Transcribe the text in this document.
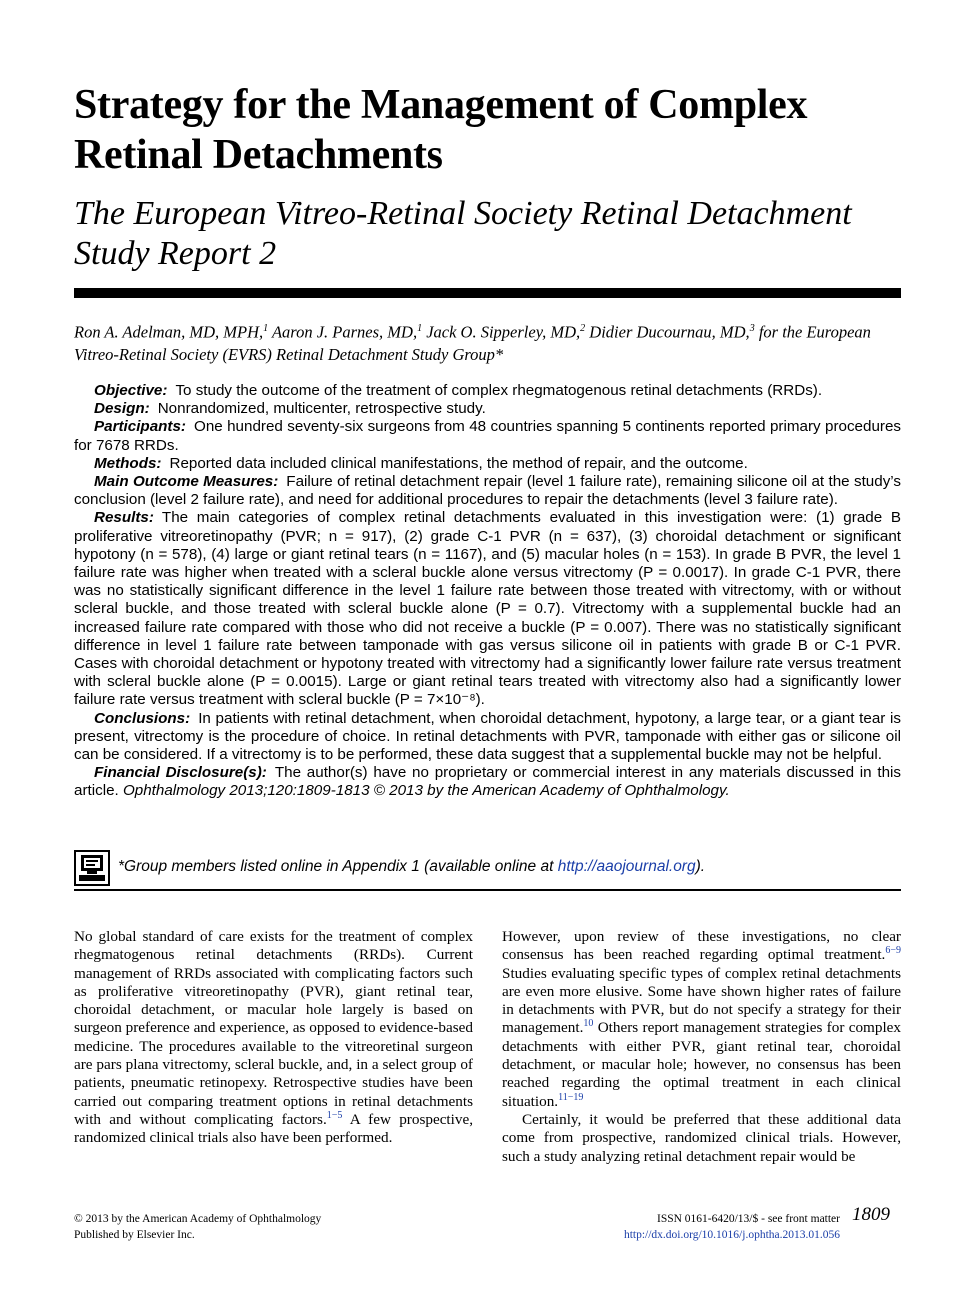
Strategy for the Management of Complex Retinal Detachments
The European Vitreo-Retinal Society Retinal Detachment Study Report 2
Ron A. Adelman, MD, MPH,$^1$ Aaron J. Parnes, MD,$^1$ Jack O. Sipperley, MD,$^2$ Didier Ducournau, MD,$^3$ for the European Vitreo-Retinal Society (EVRS) Retinal Detachment Study Group*

Objective: To study the outcome of the treatment of complex rhegmatogenous retinal detachments (RRDs).

Design: Nonrandomized, multicenter, retrospective study.

Participants: One hundred seventy-six surgeons from 48 countries spanning 5 continents reported primary procedures for 7678 RRDs.

Methods: Reported data included clinical manifestations, the method of repair, and the outcome.

Main Outcome Measures: Failure of retinal detachment repair (level 1 failure rate), remaining silicone oil at the study’s conclusion (level 2 failure rate), and need for additional procedures to repair the detachments (level 3 failure rate).

Results: The main categories of complex retinal detachments evaluated in this investigation were: (1) grade B proliferative vitreoretinopathy (PVR; n = 917), (2) grade C-1 PVR (n = 637), (3) choroidal detachment or significant hypotony (n = 578), (4) large or giant retinal tears (n = 1167), and (5) macular holes (n = 153). In grade B PVR, the level 1 failure rate was higher when treated with a scleral buckle alone versus vitrectomy (P = 0.0017). In grade C-1 PVR, there was no statistically significant difference in the level 1 failure rate between those treated with vitrectomy, with or without scleral buckle, and those treated with scleral buckle alone (P = 0.7). Vitrectomy with a supplemental buckle had an increased failure rate compared with those who did not receive a buckle (P = 0.007). There was no statistically significant difference in level 1 failure rate between tamponade with gas versus silicone oil in patients with grade B or C-1 PVR. Cases with choroidal detachment or hypotony treated with vitrectomy had a significantly lower failure rate versus treatment with scleral buckle alone (P = 0.0015). Large or giant retinal tears treated with vitrectomy also had a significantly lower failure rate versus treatment with scleral buckle (P = 7×10⁻⁸).

Conclusions: In patients with retinal detachment, when choroidal detachment, hypotony, a large tear, or a giant tear is present, vitrectomy is the procedure of choice. In retinal detachments with PVR, tamponade with either gas or silicone oil can be considered. If a vitrectomy is to be performed, these data suggest that a supplemental buckle may not be helpful.

Financial Disclosure(s): The author(s) have no proprietary or commercial interest in any materials discussed in this article. Ophthalmology 2013;120:1809-1813 © 2013 by the American Academy of Ophthalmology.

*Group members listed online in Appendix 1 (available online at http://aaojournal.org).

No global standard of care exists for the treatment of complex rhegmatogenous retinal detachments (RRDs). Current management of RRDs associated with complicating factors such as proliferative vitreoretinopathy (PVR), giant retinal tear, choroidal detachment, or macular hole largely is based on surgeon preference and experience, as opposed to evidence-based medicine. The procedures available to the vitreoretinal surgeon are pars plana vitrectomy, scleral buckle, and, in a select group of patients, pneumatic retinopexy. Retrospective studies have been carried out comparing treatment options in retinal detachments with and without complicating factors.$^{1-5}$ A few prospective, randomized clinical trials also have been performed.

However, upon review of these investigations, no clear consensus has been reached regarding optimal treatment.$^{6-9}$ Studies evaluating specific types of complex retinal detachments are even more elusive. Some have shown higher rates of failure in detachments with PVR, but do not specify a strategy for their management.$^{10}$ Others report management strategies for complex detachments with either PVR, giant retinal tear, choroidal detachment, or macular hole; however, no consensus has been reached regarding the optimal treatment in each clinical situation.$^{11-19}$

Certainly, it would be preferred that these additional data come from prospective, randomized clinical trials. However, such a study analyzing retinal detachment repair would be

© 2013 by the American Academy of Ophthalmology
Published by Elsevier Inc.
ISSN 0161-6420/13/$ - see front matter
http://dx.doi.org/10.1016/j.ophtha.2013.01.056
1809
